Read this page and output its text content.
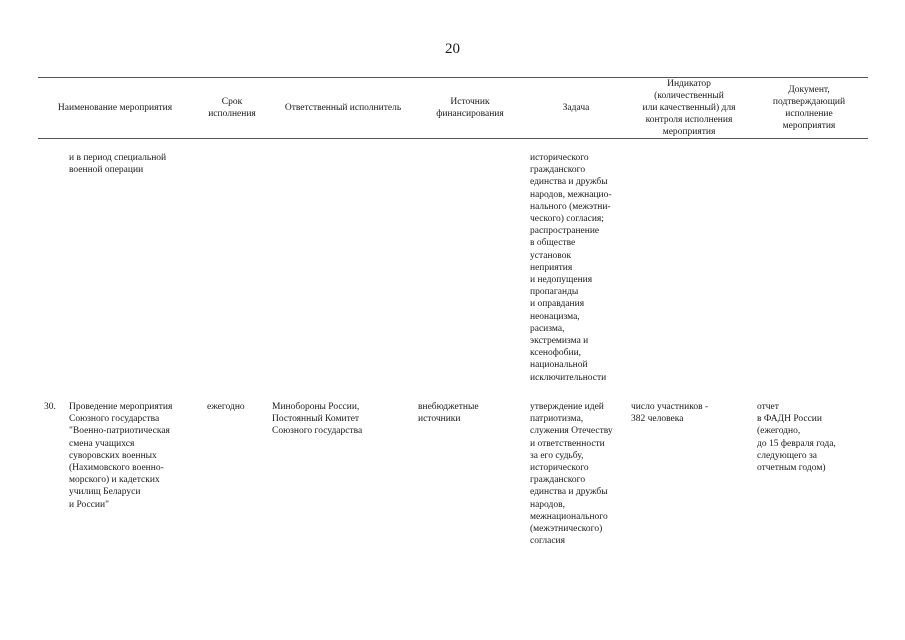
20
Наименование мероприятия
Срок
исполнения
Ответственный исполнитель
Источник
финансирования
Задача
Индикатор
(количественный
или качественный) для
контроля исполнения
мероприятия
Документ,
подтверждающий
исполнение
мероприятия
и в период специальной
военной операции
исторического
гражданского
единства и дружбы
народов, межнацио-
нального (межэтни-
ческого) согласия;
распространение
в обществе
установок
неприятия
и недопущения
пропаганды
и оправдания
неонацизма,
расизма,
экстремизма и
ксенофобии,
национальной
исключительности
30.	Проведение мероприятия
Союзного государства
"Военно-патриотическая
смена учащихся
суворовских военных
(Нахимовского военно-
морского) и кадетских
училищ Беларуси
и России"
ежегодно	Минобороны России,
Постоянный Комитет
Союзного государства
внебюджетные
источники
утверждение идей
патриотизма,
служения Отечеству
и ответственности
за его судьбу,
исторического
гражданского
единства и дружбы
народов,
межнационального
(межэтнического)
согласия
число участников -
382 человека
отчет
в ФАДН России
(ежегодно,
до 15 февраля года,
следующего за
отчетным годом)
